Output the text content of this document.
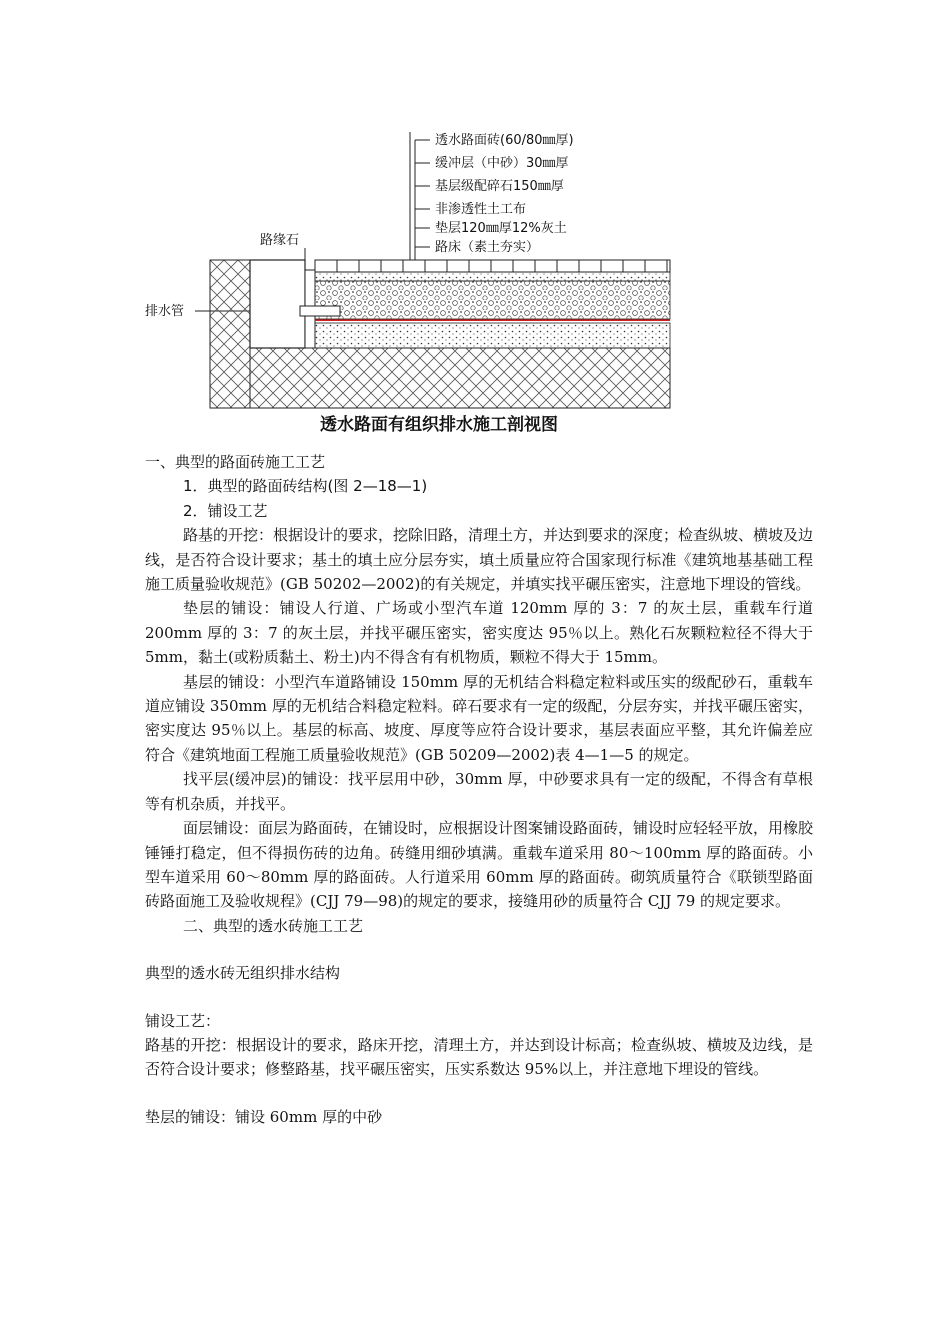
透水路面砖(60/80㎜厚)
缓冲层（中砂）30㎜厚
基层级配碎石150㎜厚
非渗透性土工布
垫层120㎜厚12%灰土
路床（素土夯实）
路缘石
排水管
透水路面有组织排水施工剖视图
一、典型的路面砖施工工艺
1．典型的路面砖结构(图 2—18—1)
2．铺设工艺
路基的开挖：根据设计的要求，挖除旧路，清理土方，并达到要求的深度；检查纵坡、横坡及边线，是否符合设计要求；基土的填土应分层夯实，填土质量应符合国家现行标准《建筑地基基础工程施工质量验收规范》(GB 50202—2002)的有关规定，并填实找平碾压密实，注意地下埋设的管线。
垫层的铺设：铺设人行道、广场或小型汽车道 120mm 厚的 3：7 的灰土层，重载车行道 200mm 厚的 3：7 的灰土层，并找平碾压密实，密实度达 95％以上。熟化石灰颗粒粒径不得大于 5mm，黏土(或粉质黏土、粉土)内不得含有有机物质，颗粒不得大于 15mm。
基层的铺设：小型汽车道路铺设 150mm 厚的无机结合料稳定粒料或压实的级配砂石，重载车道应铺设 350mm 厚的无机结合料稳定粒料。碎石要求有一定的级配，分层夯实，并找平碾压密实，密实度达 95％以上。基层的标高、坡度、厚度等应符合设计要求，基层表面应平整，其允许偏差应符合《建筑地面工程施工质量验收规范》(GB 50209—2002)表 4—1—5 的规定。
找平层(缓冲层)的铺设：找平层用中砂，30mm 厚，中砂要求具有一定的级配，不得含有草根等有机杂质，并找平。
面层铺设：面层为路面砖，在铺设时，应根据设计图案铺设路面砖，铺设时应轻轻平放，用橡胶锤锤打稳定，但不得损伤砖的边角。砖缝用细砂填满。重载车道采用 80～100mm 厚的路面砖。小型车道采用 60～80mm 厚的路面砖。人行道采用 60mm 厚的路面砖。砌筑质量符合《联锁型路面砖路面施工及验收规程》(CJJ 79—98)的规定的要求，接缝用砂的质量符合 CJJ 79 的规定要求。
二、典型的透水砖施工工艺
典型的透水砖无组织排水结构
铺设工艺：
路基的开挖：根据设计的要求，路床开挖，清理土方，并达到设计标高；检查纵坡、横坡及边线，是否符合设计要求；修整路基，找平碾压密实，压实系数达 95%以上，并注意地下埋设的管线。
垫层的铺设：铺设 60mm 厚的中砂
